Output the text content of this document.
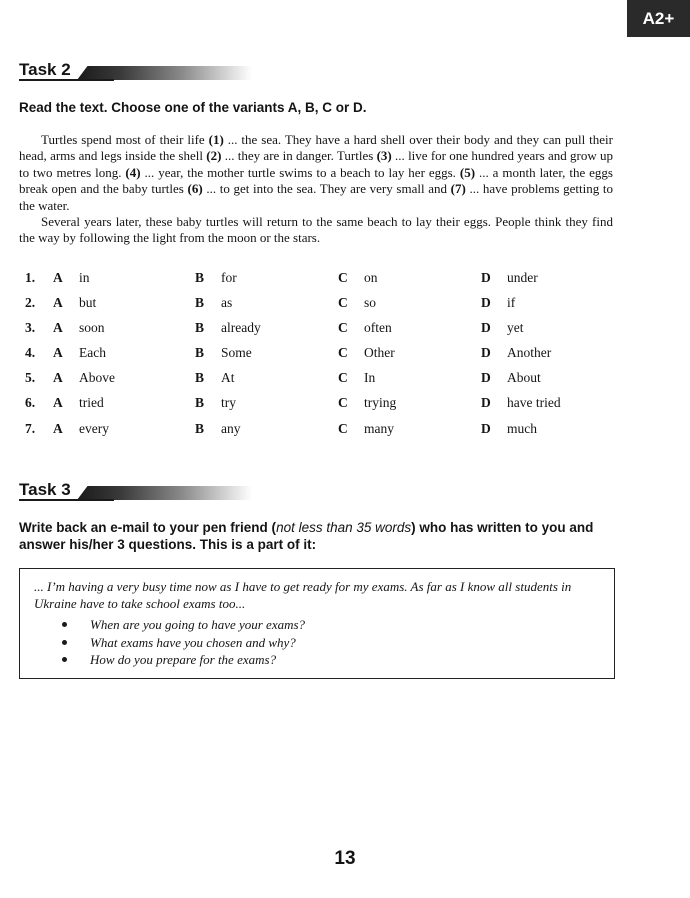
A2+
Task 2
Read the text. Choose one of the variants A, B, C or D.

Turtles spend most of their life (1) ... the sea. They have a hard shell over their body and they can pull their head, arms and legs inside the shell (2) ... they are in danger. Turtles (3) ... live for one hundred years and grow up to two metres long. (4) ... year, the mother turtle swims to a beach to lay her eggs. (5) ... a month later, the eggs break open and the baby turtles (6) ... to get into the sea. They are very small and (7) ... have problems getting to the water.

Several years later, these baby turtles will return to the same beach to lay their eggs. People think they find the way by following the light from the moon or the stars.

1. A in	B for	C on	D under
2. A but	B as	C so	D if
3. A soon	B already	C often	D yet
4. A Each	B Some	C Other	D Another
5. A Above	B At	C In	D About
6. A tried	B try	C trying	D have tried
7. A every	B any	C many	D much
Task 3
Write back an e-mail to your pen friend (not less than 35 words) who has written to you and answer his/her 3 questions. This is a part of it:
... I’m having a very busy time now as I have to get ready for my exams. As far as I know all students in Ukraine have to take school exams too...
When are you going to have your exams?
What exams have you chosen and why?
How do you prepare for the exams?
13
